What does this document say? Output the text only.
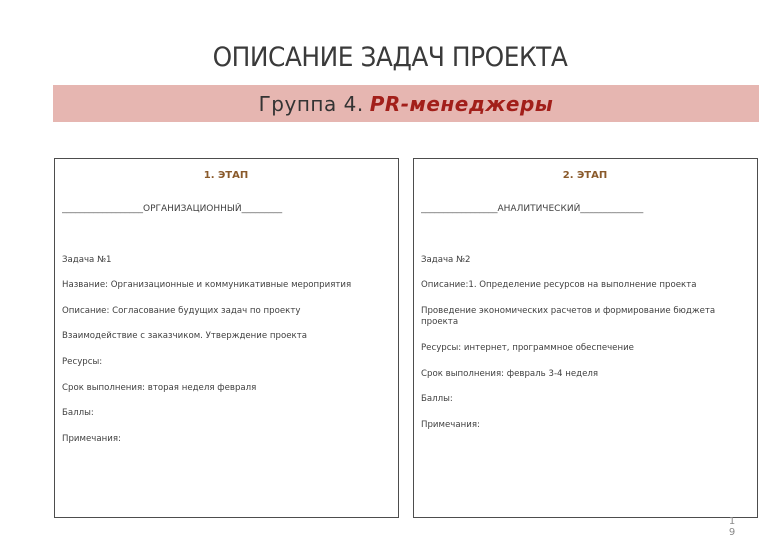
ОПИСАНИЕ ЗАДАЧ ПРОЕКТА
Группа 4. PR-менеджеры
1. ЭТАП
__________________ОРГАНИЗАЦИОННЫЙ_________
Задача №1
Название: Организационные и коммуникативные мероприятия
Описание: Согласование будущих задач по проекту
Взаимодействие с заказчиком. Утверждение проекта
Ресурсы:
Срок выполнения: вторая неделя февраля
Баллы:
Примечания:
2. ЭТАП
_________________АНАЛИТИЧЕСКИЙ______________
Задача №2
Описание:1. Определение ресурсов на выполнение проекта
Проведение экономических расчетов и формирование бюджета проекта
Ресурсы: интернет, программное обеспечение
Срок выполнения: февраль 3-4 неделя
Баллы:
Примечания:
1
9
